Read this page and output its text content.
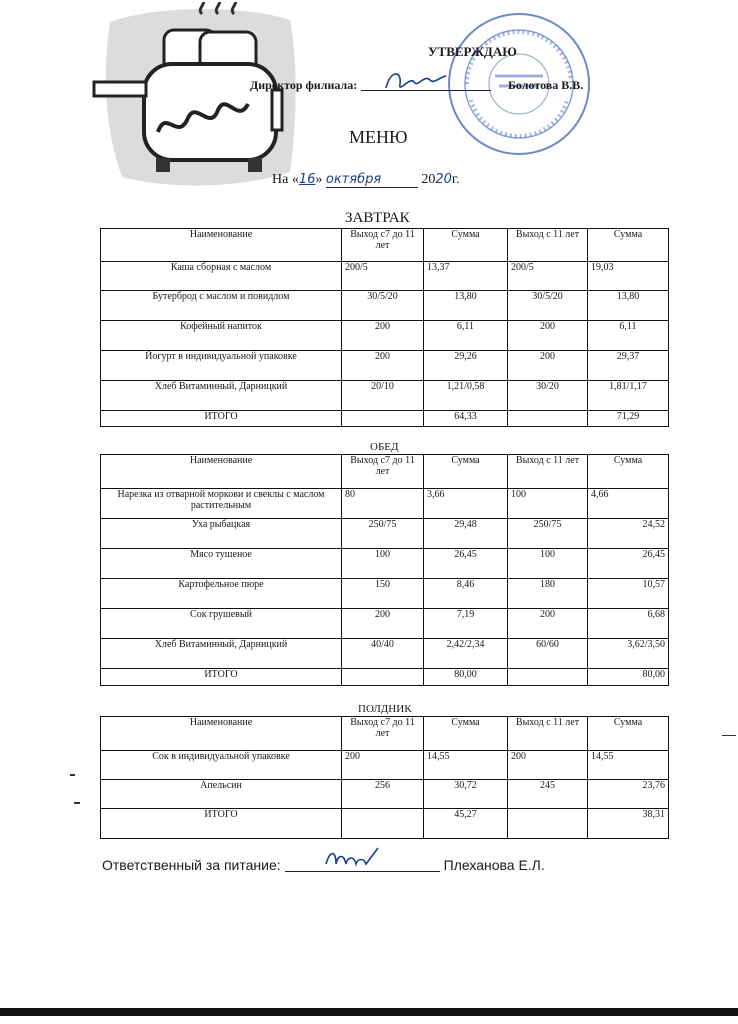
УТВЕРЖДАЮ
Директор филиала:	Болотова В.В.
МЕНЮ
На «16» октября	2020г.
ЗАВТРАК
Наименование	Выход с7 до 11 лет	Сумма	Выход с 11 лет	Сумма
Каша сборная с маслом	200/5	13,37	200/5	19,03
Бутерброд с маслом и повидлом	30/5/20	13,80	30/5/20	13,80
Кофейный напиток	200	6,11	200	6,11
Йогурт в индивидуальной упаковке	200	29,26	200	29,37
Хлеб Витаминный, Дарницкий	20/10	1,21/0,58	30/20	1,81/1,17
ИТОГО		64,33		71,29
ОБЕД
Наименование	Выход с7 до 11 лет	Сумма	Выход с 11 лет	Сумма
Нарезка из отварной моркови и свеклы с маслом растительным	80	3,66	100	4,66
Уха рыбацкая	250/75	29,48	250/75	24,52
Мясо тушеное	100	26,45	100	26,45
Картофельное пюре	150	8,46	180	10,57
Сок грушевый	200	7,19	200	6,68
Хлеб Витаминный, Дарницкий	40/40	2,42/2,34	60/60	3,62/3,50
ИТОГО		80,00		80,00
ПОЛДНИК
Наименование	Выход с7 до 11 лет	Сумма	Выход с 11 лет	Сумма
Сок в индивидуальной упаковке	200	14,55	200	14,55
Апельсин	256	30,72	245	23,76
ИТОГО		45,27		38,31
Ответственный за питание:	Плеханова Е.Л.
